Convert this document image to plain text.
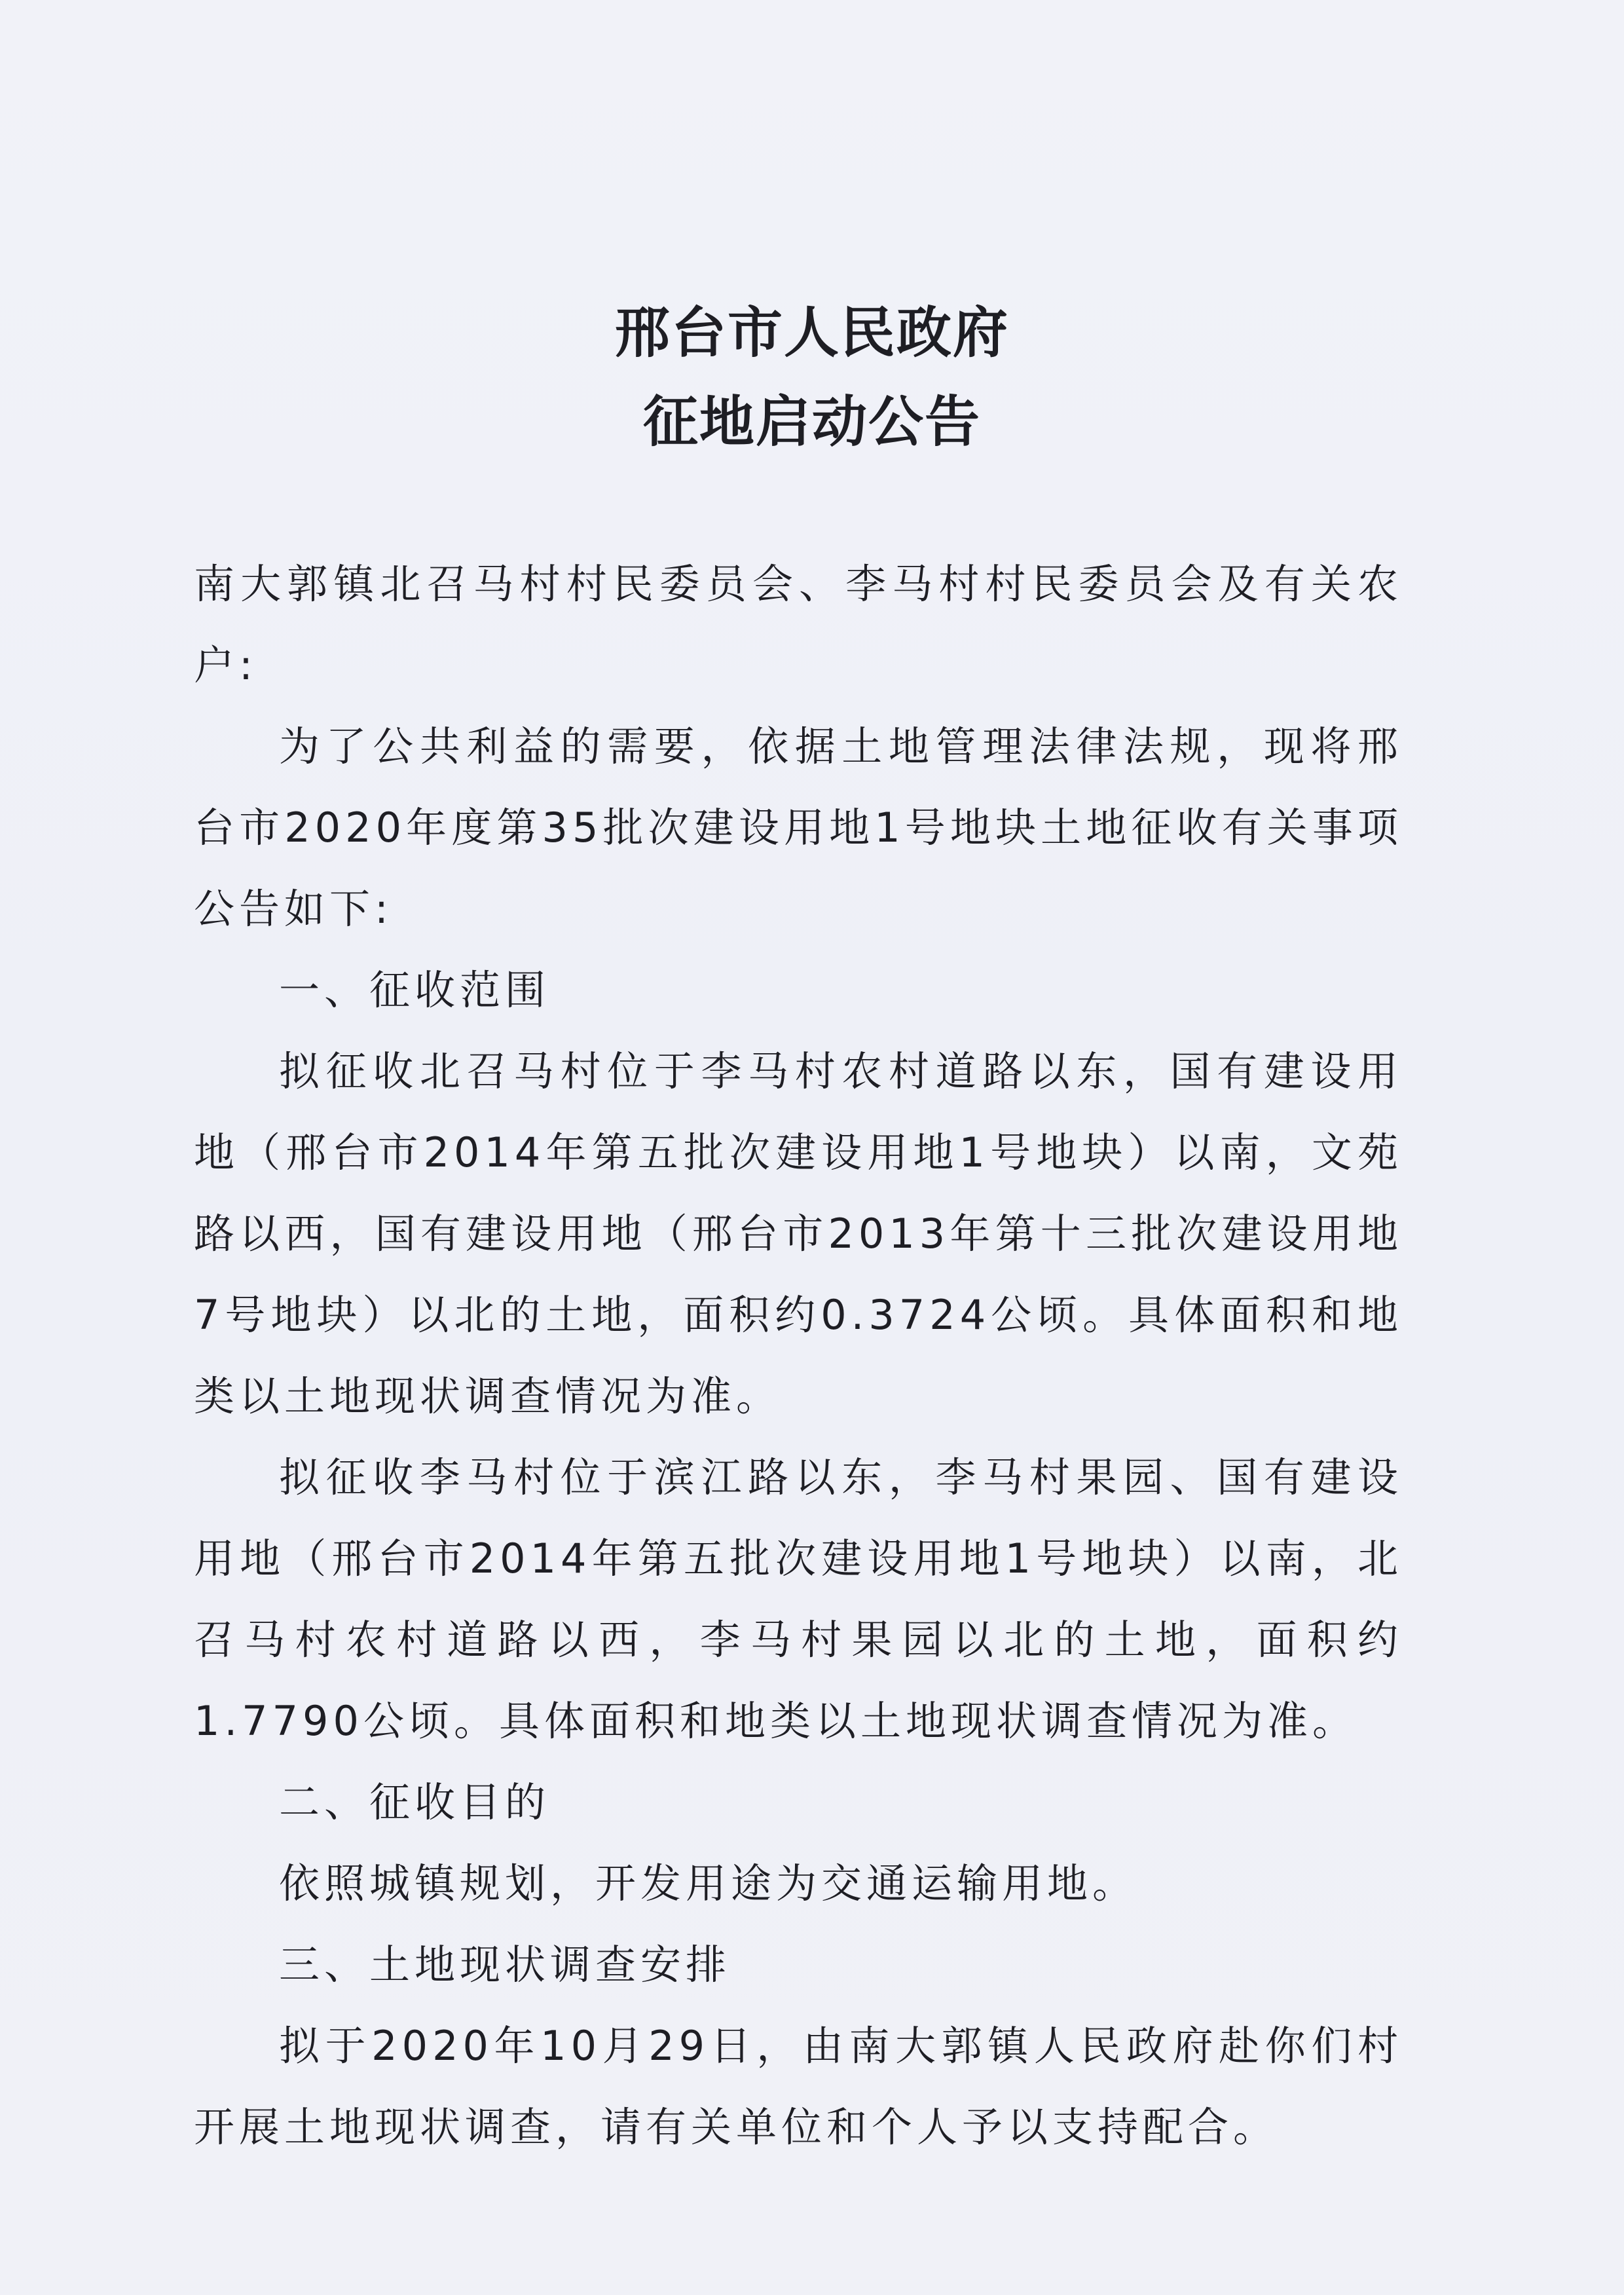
邢台市人民政府
征地启动公告

南大郭镇北召马村村民委员会、李马村村民委员会及有关农户:

为了公共利益的需要，依据土地管理法律法规，现将邢台市2020年度第35批次建设用地1号地块土地征收有关事项公告如下:

一、征收范围

拟征收北召马村位于李马村农村道路以东，国有建设用地（邢台市2014年第五批次建设用地1号地块）以南，文苑路以西，国有建设用地（邢台市2013年第十三批次建设用地7号地块）以北的土地，面积约0.3724公顷。具体面积和地类以土地现状调查情况为准。

拟征收李马村位于滨江路以东，李马村果园、国有建设用地（邢台市2014年第五批次建设用地1号地块）以南，北召马村农村道路以西，李马村果园以北的土地，面积约1.7790公顷。具体面积和地类以土地现状调查情况为准。

二、征收目的

依照城镇规划，开发用途为交通运输用地。

三、土地现状调查安排

拟于2020年10月29日，由南大郭镇人民政府赴你们村开展土地现状调查，请有关单位和个人予以支持配合。
